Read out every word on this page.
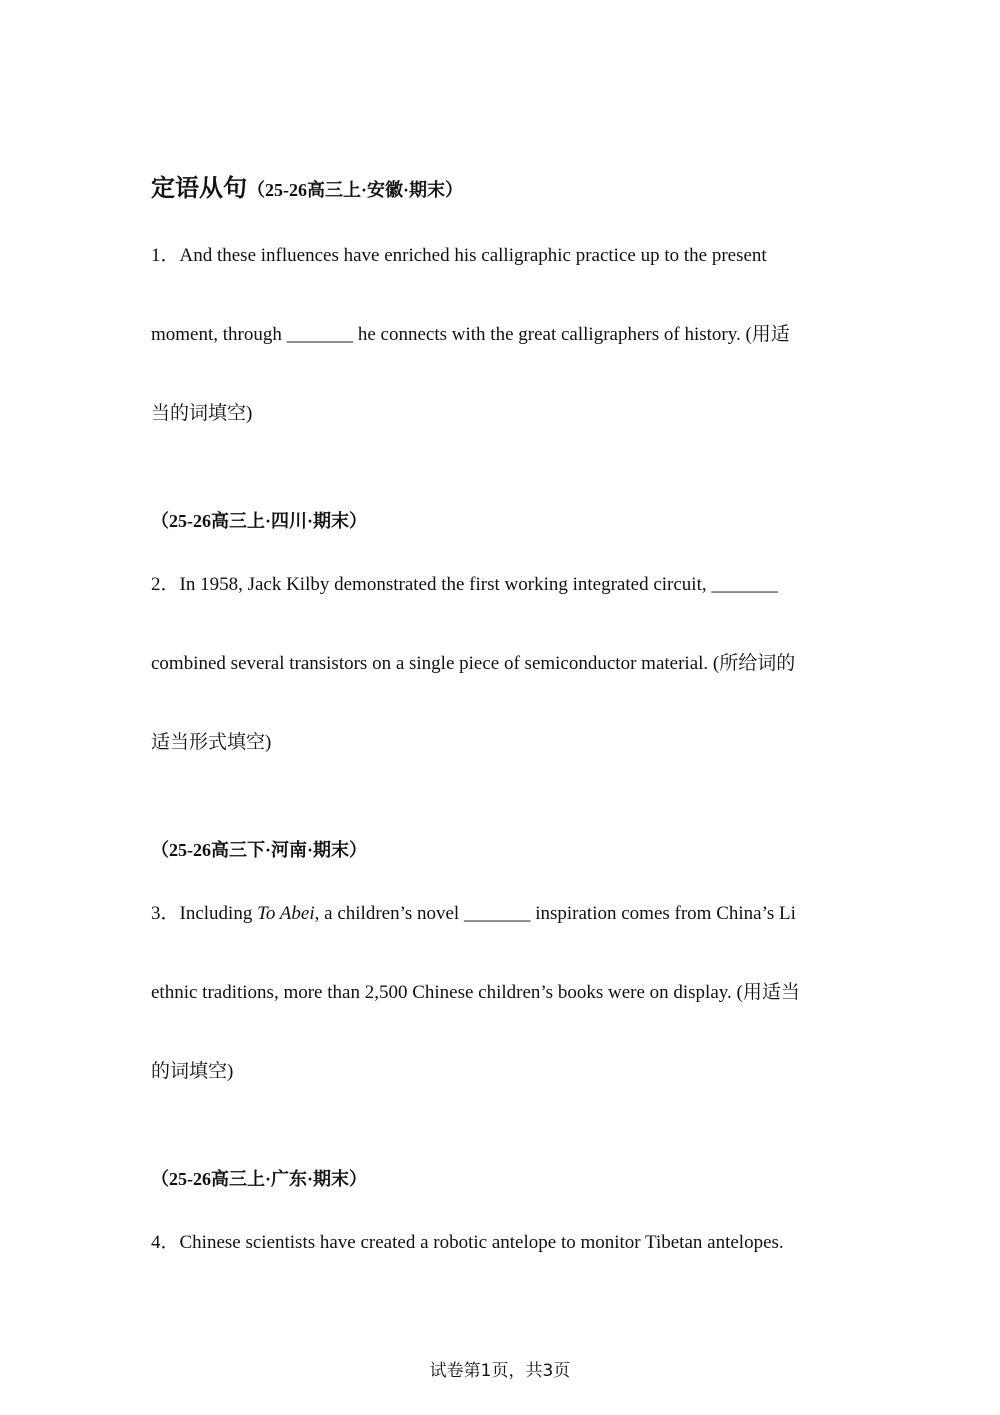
定语从句（25-26高三上·安徽·期末）
1．And these influences have enriched his calligraphic practice up to the present
moment, through _______ he connects with the great calligraphers of history. (用适
当的词填空)
（25-26高三上·四川·期末）
2．In 1958, Jack Kilby demonstrated the first working integrated circuit, _______
combined several transistors on a single piece of semiconductor material. (所给词的
适当形式填空)
（25-26高三下·河南·期末）
3．Including To Abei, a children’s novel _______ inspiration comes from China’s Li
ethnic traditions, more than 2,500 Chinese children’s books were on display. (用适当
的词填空)
（25-26高三上·广东·期末）
4．Chinese scientists have created a robotic antelope to monitor Tibetan antelopes.
试卷第1页，共3页
